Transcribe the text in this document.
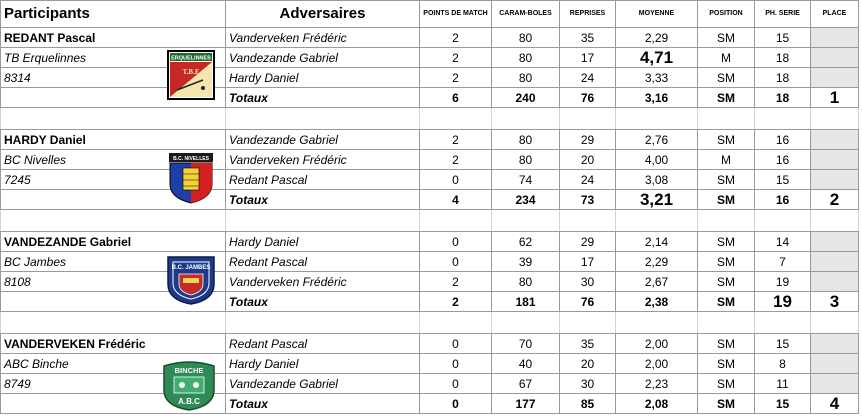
Participants	Adversaires	POINTS DE MATCH	CARAM-BOLES	REPRISES	MOYENNE	POSITION	PH. SERIE	PLACE
REDANT Pascal	Vanderveken Frédéric	2	80	35	2,29	SM	15	
TB Erquelinnes	Vandezande Gabriel	2	80	17	4,71	M	18	
8314	Hardy Daniel	2	80	24	3,33	SM	18	
	Totaux	6	240	76	3,16	SM	18	1

HARDY Daniel	Vandezande Gabriel	2	80	29	2,76	SM	16	
BC Nivelles	Vanderveken Frédéric	2	80	20	4,00	M	16	
7245	Redant Pascal	0	74	24	3,08	SM	15	
	Totaux	4	234	73	3,21	SM	16	2

VANDEZANDE Gabriel	Hardy Daniel	0	62	29	2,14	SM	14	
BC Jambes	Redant Pascal	0	39	17	2,29	SM	7	
8108	Vanderveken Frédéric	2	80	30	2,67	SM	19	
	Totaux	2	181	76	2,38	SM	19	3

VANDERVEKEN Frédéric	Redant Pascal	0	70	35	2,00	SM	15	
ABC Binche	Hardy Daniel	0	40	20	2,00	SM	8	
8749	Vandezande Gabriel	0	67	30	2,23	SM	11	
	Totaux	0	177	85	2,08	SM	15	4
ERQUELINNES
T.B.E
B.C. NIVELLES
B.C. JAMBES
BINCHE
A.B.C
